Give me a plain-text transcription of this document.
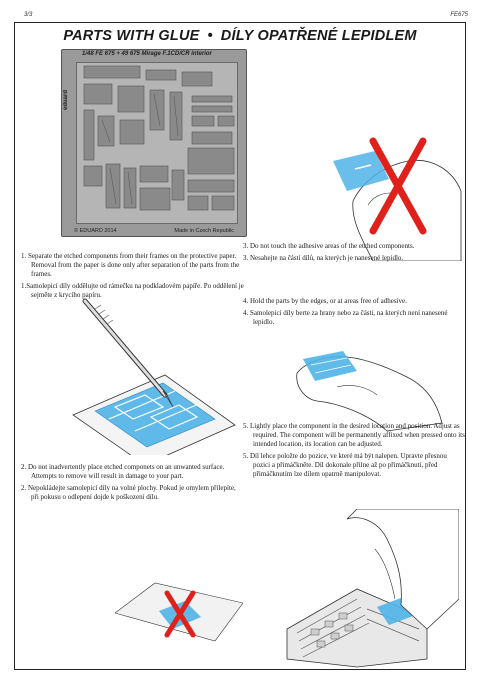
3/3	FE675
PARTS WITH GLUE • DÍLY OPATŘENÉ LEPIDLEM
1/48 FE 675 + 49 675 Mirage F.1CD/CR interior
eduard
© EDUARD 2014	Made in Czech Republic
1. Separate the etched components from their frames on the protective paper. Removal from the paper is done only after separation of the parts from the frames.
1.Samolepicí díly oddělujte od rámečku na podkladovém papíře. Po oddělení je sejměte z krycího papíru.
3. Do not touch the adhesive areas of the etched components.
3. Nesahejte na části dílů, na kterých je nanesené lepidlo.
4. Hold the parts by the edges, or at areas free of adhesive.
4. Samolepicí díly berte za hrany nebo za části, na kterých není nanesené lepidlo.
5. Lightly place the component in the desired location and position. Adjust as required. The component will be permanently affixed when pressed onto its intended location, its location can be adjusted.
5. Díl lehce položte do pozice, ve které má být nalepen. Upravte přesnou pozici a přimáčkněte. Díl dokonale přilne až po přimáčknutí, před přimáčknutím lze dílem opatrně manipulovat.
2. Do not inadvertently place etched componets on an unwanted surface. Attempts to remove will result in damage to your part.
2. Nepokládejte samolepicí díly na volné plochy. Pokud je omylem přilepíte, při pokusu o odlepení dojde k poškození dílu.
